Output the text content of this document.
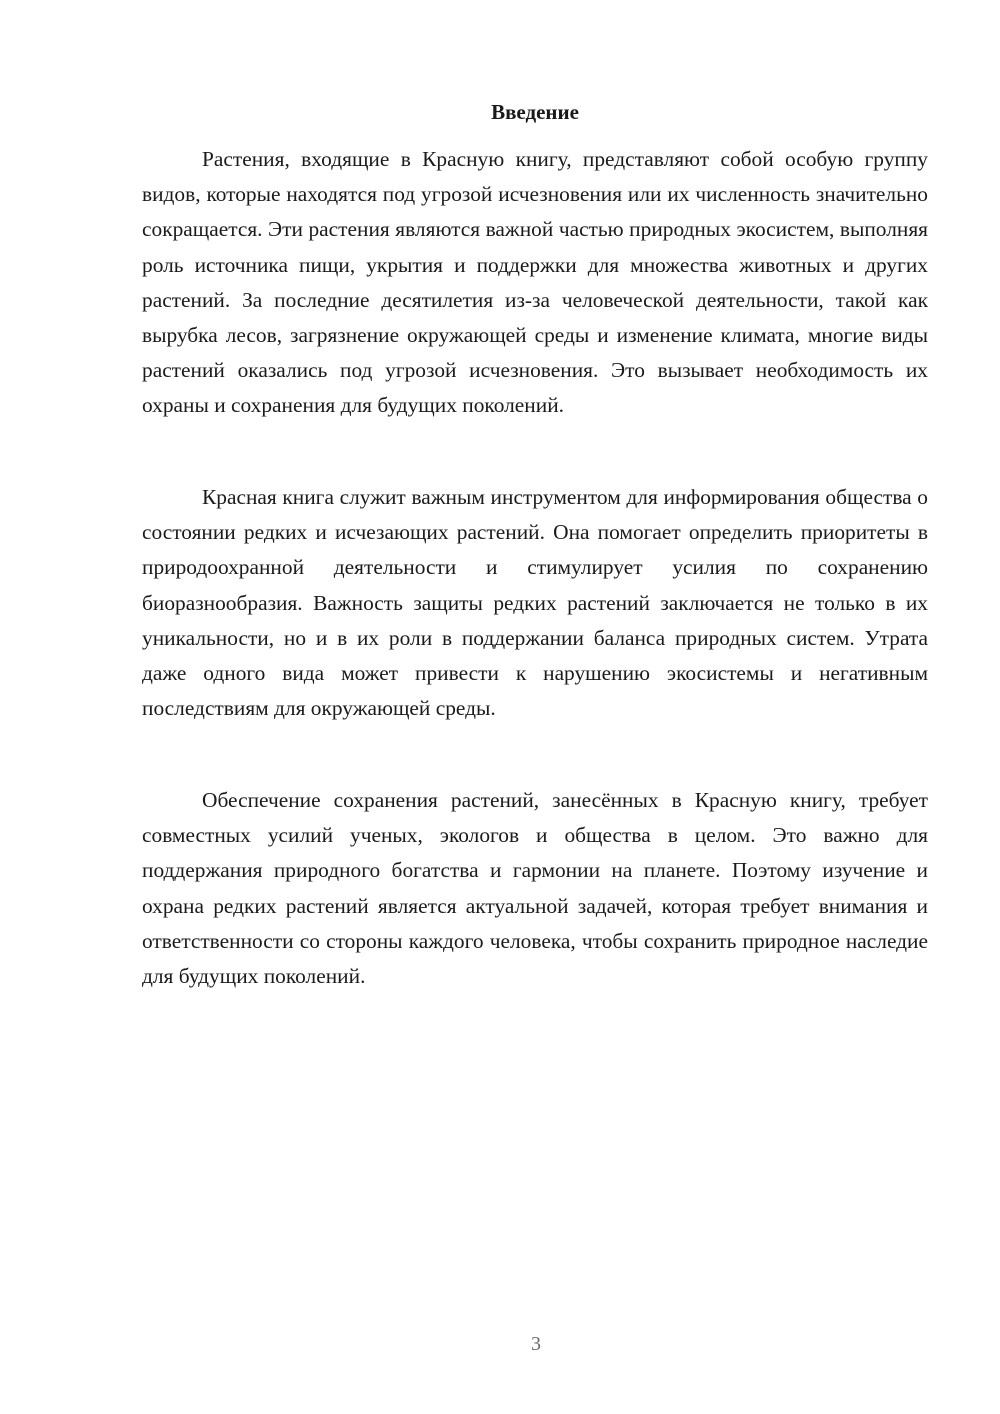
Введение

Растения, входящие в Красную книгу, представляют собой особую группу видов, которые находятся под угрозой исчезновения или их численность значительно сокращается. Эти растения являются важной частью природных экосистем, выполняя роль источника пищи, укрытия и поддержки для множества животных и других растений. За последние десятилетия из-за человеческой деятельности, такой как вырубка лесов, загрязнение окружающей среды и изменение климата, многие виды растений оказались под угрозой исчезновения. Это вызывает необходимость их охраны и сохранения для будущих поколений.

Красная книга служит важным инструментом для информирования общества о состоянии редких и исчезающих растений. Она помогает определить приоритеты в природоохранной деятельности и стимулирует усилия по сохранению биоразнообразия. Важность защиты редких растений заключается не только в их уникальности, но и в их роли в поддержании баланса природных систем. Утрата даже одного вида может привести к нарушению экосистемы и негативным последствиям для окружающей среды.

Обеспечение сохранения растений, занесённых в Красную книгу, требует совместных усилий ученых, экологов и общества в целом. Это важно для поддержания природного богатства и гармонии на планете. Поэтому изучение и охрана редких растений является актуальной задачей, которая требует внимания и ответственности со стороны каждого человека, чтобы сохранить природное наследие для будущих поколений.

3
